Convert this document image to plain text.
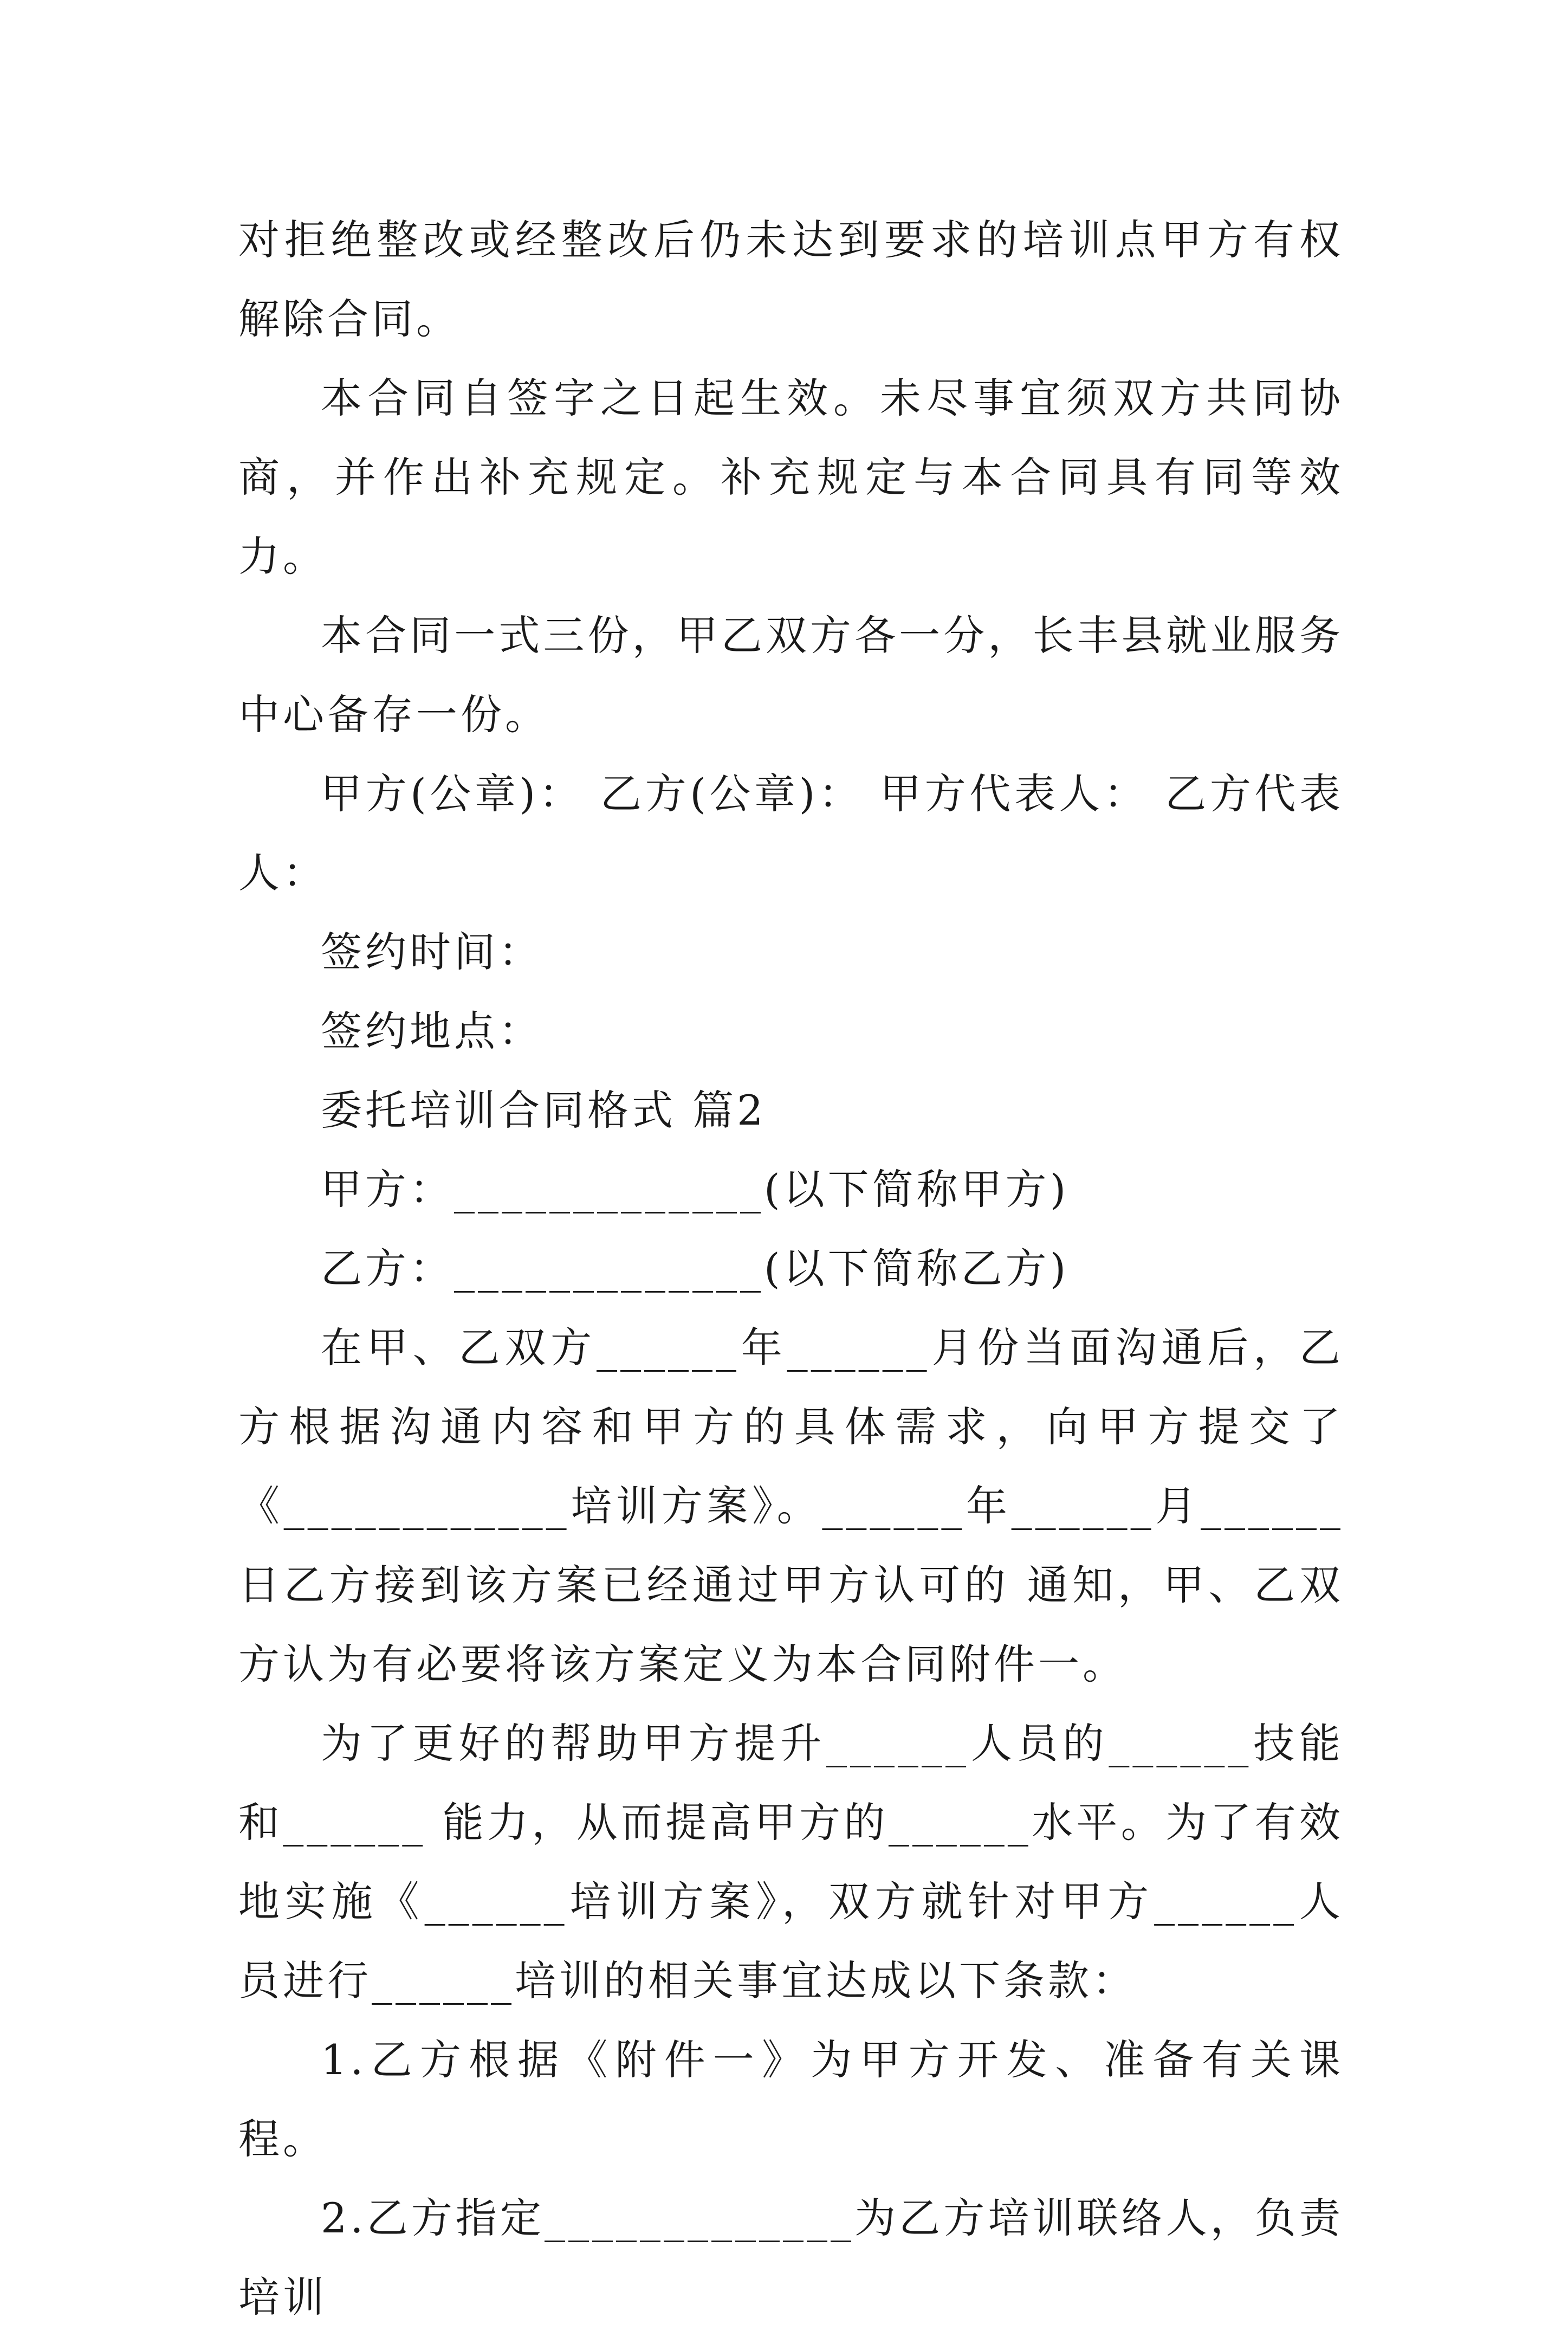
对拒绝整改或经整改后仍未达到要求的培训点甲方有权解除合同。

本合同自签字之日起生效。未尽事宜须双方共同协商，并作出补充规定。补充规定与本合同具有同等效力。

本合同一式三份，甲乙双方各一分，长丰县就业服务中心备存一份。

甲方(公章)： 乙方(公章)： 甲方代表人： 乙方代表人：

签约时间：

签约地点：

委托培训合同格式 篇2

甲方：_____________(以下简称甲方)

乙方：_____________(以下简称乙方)

在甲、乙双方______年______月份当面沟通后，乙方根据沟通内容和甲方的具体需求，向甲方提交了《____________培训方案》。______年______月______日乙方接到该方案已经通过甲方认可的 通知，甲、乙双方认为有必要将该方案定义为本合同附件一。

为了更好的帮助甲方提升______人员的______技能和______ 能力，从而提高甲方的______水平。为了有效地实施《______培训方案》，双方就针对甲方______人员进行______培训的相关事宜达成以下条款：

1.乙方根据《附件一》为甲方开发、准备有关课程。

2.乙方指定_____________为乙方培训联络人，负责培训
